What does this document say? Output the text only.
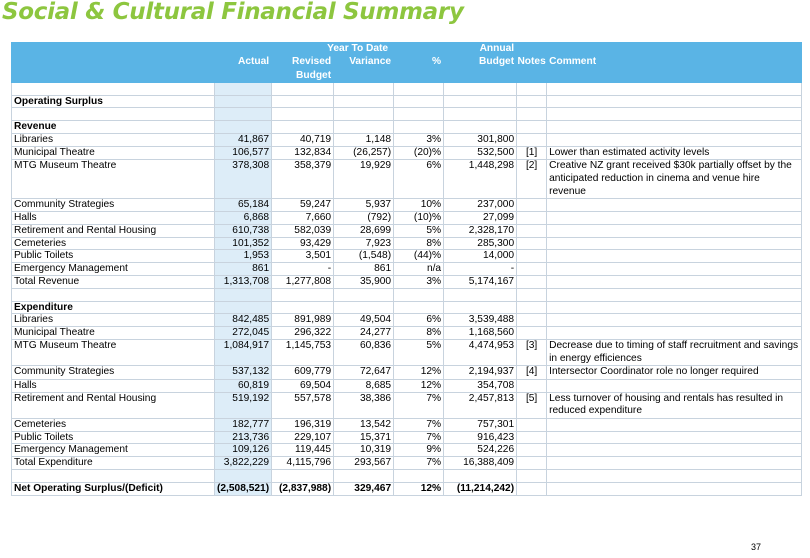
Social & Cultural Financial Summary
		Year To Date			Annual		
	Actual	Revised	Variance	%	Budget	Notes	Comment
		Budget					

Operating Surplus							

Revenue							
Libraries	41,867	40,719	1,148	3%	301,800		
Municipal Theatre	106,577	132,834	(26,257)	(20)%	532,500	[1]	Lower than estimated activity levels
MTG Museum Theatre	378,308	358,379	19,929	6%	1,448,298	[2]	Creative NZ grant received $30k partially offset by the anticipated reduction in cinema and venue hire revenue
Community Strategies	65,184	59,247	5,937	10%	237,000		
Halls	6,868	7,660	(792)	(10)%	27,099		
Retirement and Rental Housing	610,738	582,039	28,699	5%	2,328,170		
Cemeteries	101,352	93,429	7,923	8%	285,300		
Public Toilets	1,953	3,501	(1,548)	(44)%	14,000		
Emergency Management	861	-	861	n/a	-		
Total Revenue	1,313,708	1,277,808	35,900	3%	5,174,167		

Expenditure							
Libraries	842,485	891,989	49,504	6%	3,539,488		
Municipal Theatre	272,045	296,322	24,277	8%	1,168,560		
MTG Museum Theatre	1,084,917	1,145,753	60,836	5%	4,474,953	[3]	Decrease due to timing of staff recruitment and savings in energy efficiences
Community Strategies	537,132	609,779	72,647	12%	2,194,937	[4]	Intersector Coordinator role no longer required
Halls	60,819	69,504	8,685	12%	354,708		
Retirement and Rental Housing	519,192	557,578	38,386	7%	2,457,813	[5]	Less turnover of housing and rentals has resulted in reduced expenditure
Cemeteries	182,777	196,319	13,542	7%	757,301		
Public Toilets	213,736	229,107	15,371	7%	916,423		
Emergency Management	109,126	119,445	10,319	9%	524,226		
Total Expenditure	3,822,229	4,115,796	293,567	7%	16,388,409		

Net Operating Surplus/(Deficit)	(2,508,521)	(2,837,988)	329,467	12%	(11,214,242)		
37
